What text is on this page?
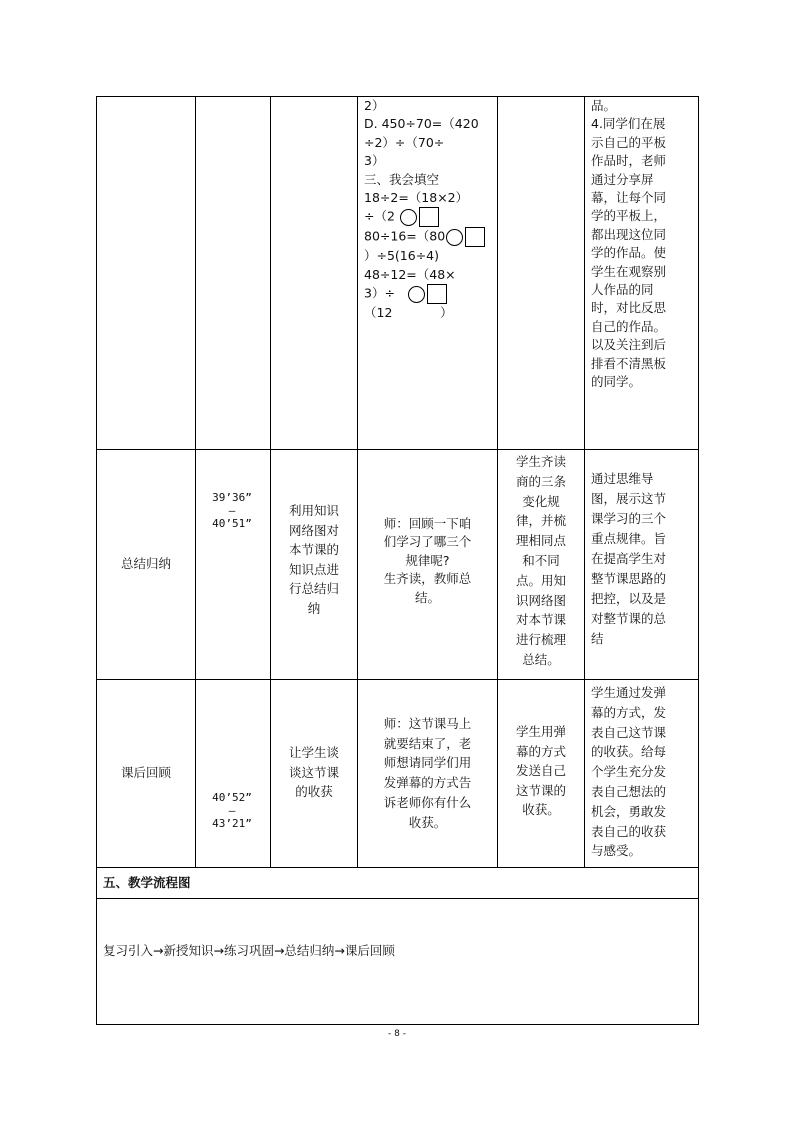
2）
D. 450÷70=（420
÷2）÷（70÷
3）
三、我会填空
18÷2=（18×2）
÷（2
80÷16=（80
）÷5(16÷4)
48÷12=（48×
3）÷
（12	）
品。
4.同学们在展
示自己的平板
作品时，老师
通过分享屏
幕，让每个同
学的平板上，
都出现这位同
学的作品。使
学生在观察别
人作品的同
时，对比反思
自己的作品。
以及关注到后
排看不清黑板
的同学。
总结归纳
39’36”
–
40’51”
利用知识
网络图对
本节课的
知识点进
行总结归
纳
师：回顾一下咱
们学习了哪三个
规律呢?
生齐读，教师总
结。
学生齐读
商的三条
变化规
律，并梳
理相同点
和不同
点。用知
识网络图
对本节课
进行梳理
总结。
通过思维导
图，展示这节
课学习的三个
重点规律。旨
在提高学生对
整节课思路的
把控，以及是
对整节课的总
结
课后回顾
40’52”
–
43’21”
让学生谈
谈这节课
的收获
师：这节课马上
就要结束了，老
师想请同学们用
发弹幕的方式告
诉老师你有什么
收获。
学生用弹
幕的方式
发送自己
这节课的
收获。
学生通过发弹
幕的方式，发
表自己这节课
的收获。给每
个学生充分发
表自己想法的
机会，勇敢发
表自己的收获
与感受。
五、教学流程图
复习引入→新授知识→练习巩固→总结归纳→课后回顾
- 8 -
